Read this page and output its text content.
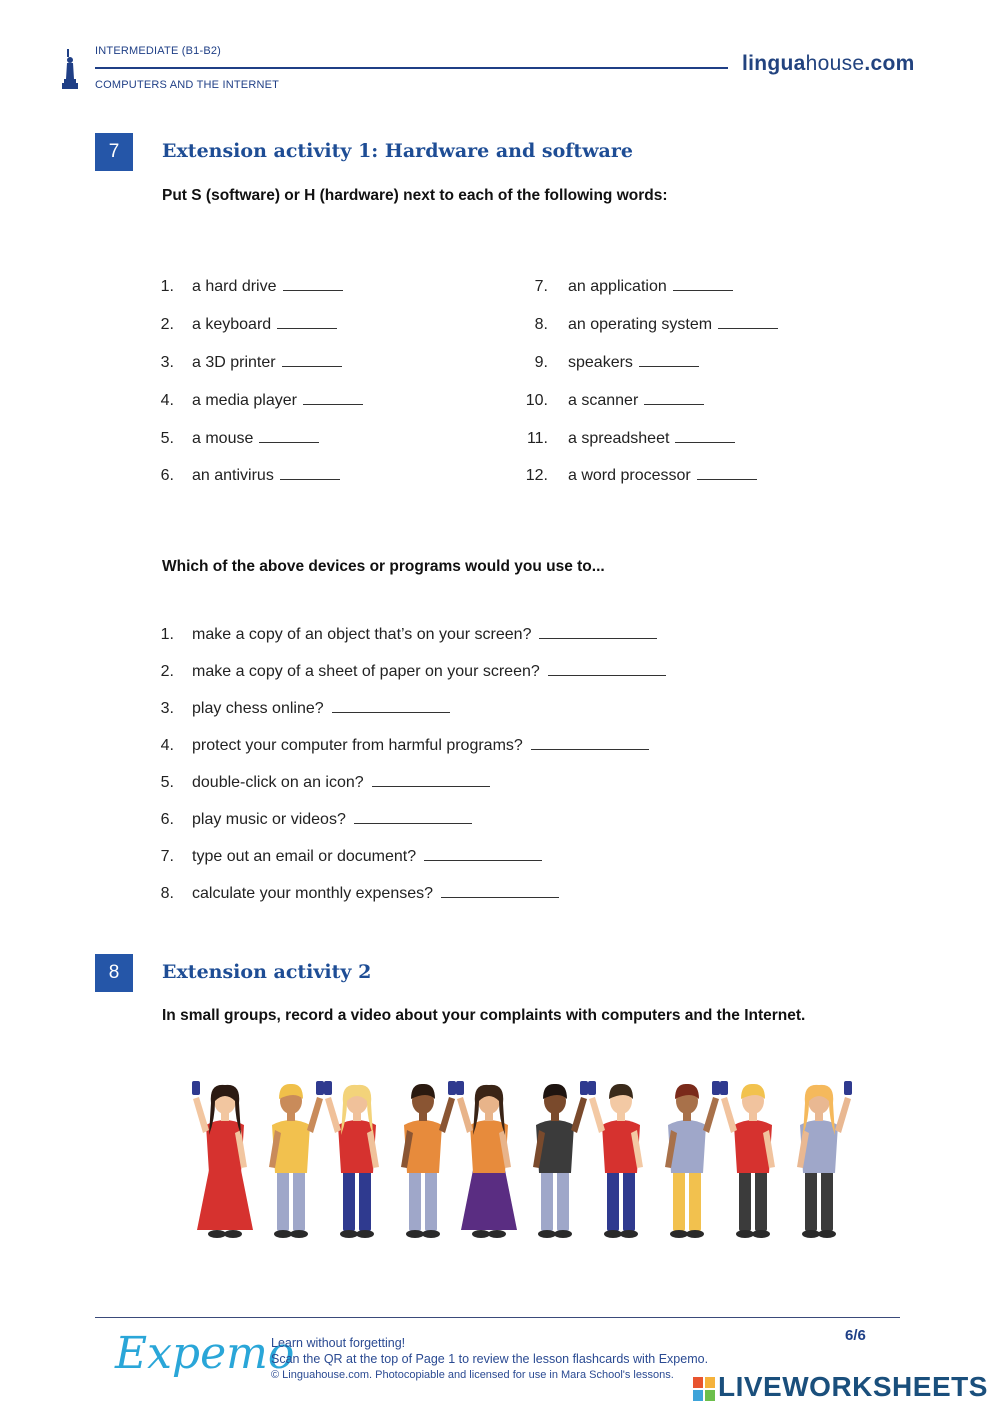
INTERMEDIATE (B1-B2)
COMPUTERS AND THE INTERNET
linguahouse.com
7	Extension activity 1: Hardware and software
Put S (software) or H (hardware) next to each of the following words:
1. a hard drive
2. a keyboard
3. a 3D printer
4. a media player
5. a mouse
6. an antivirus
7. an application
8. an operating system
9. speakers
10. a scanner
11. a spreadsheet
12. a word processor
Which of the above devices or programs would you use to...
1. make a copy of an object that’s on your screen?
2. make a copy of a sheet of paper on your screen?
3. play chess online?
4. protect your computer from harmful programs?
5. double-click on an icon?
6. play music or videos?
7. type out an email or document?
8. calculate your monthly expenses?
8	Extension activity 2
In small groups, record a video about your complaints with computers and the Internet.
Expemo
Learn without forgetting!
Scan the QR at the top of Page 1 to review the lesson flashcards with Expemo.
© Linguahouse.com. Photocopiable and licensed for use in Mara School's lessons.
6/6
LIVEWORKSHEETS
